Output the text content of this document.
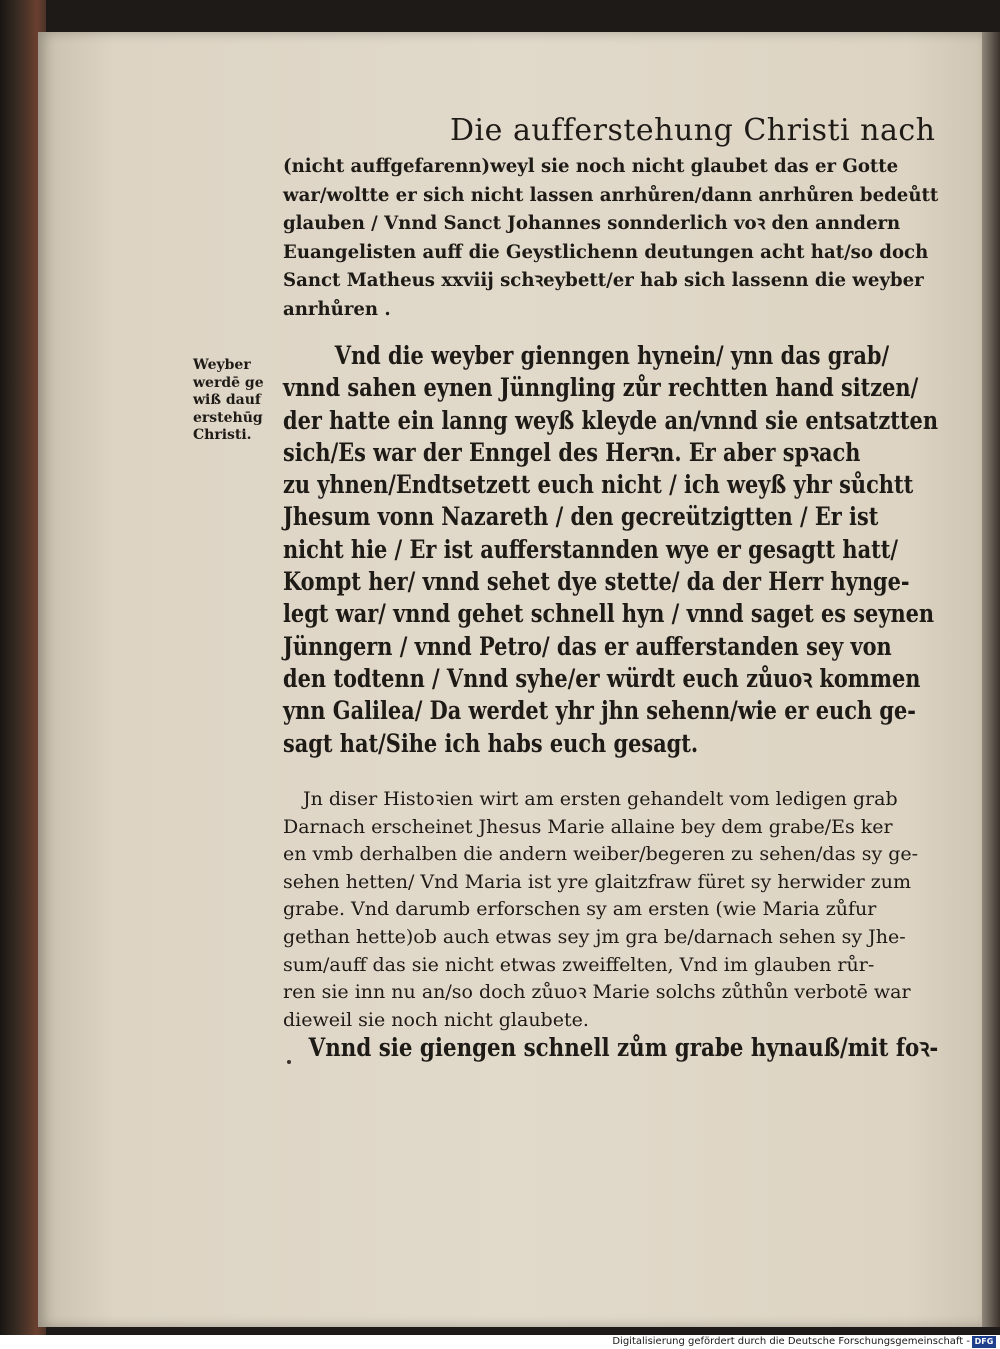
Die aufferstehung Christi nach
(nicht auffgefarenn)weyl sie noch nicht glaubet das er Gotte
war/woltte er sich nicht lassen anrhůren/dann anrhůren bedeůtt
glauben / Vnnd Sanct Johannes sonnderlich voꝛ den anndern
Euangelisten auff die Geystlichenn deutungen acht hat/so doch
Sanct Matheus xxviij schꝛeybett/er hab sich lassenn die weyber
anrhůren .
Weyber
werdē ge
wiß dauf
erstehūg
Christi.
Vnd die weyber gienngen hynein/ ynn das grab/
vnnd sahen eynen Jünngling zůr rechtten hand sitzen/
der hatte ein lanng weyß kleyde an/vnnd sie entsatztten
sich/Es war der Enngel des Herꝛn. Er aber spꝛach
zu yhnen/Endtsetzett euch nicht / ich weyß yhr sůchtt
Jhesum vonn Nazareth / den gecreützigtten / Er ist
nicht hie / Er ist aufferstannden wye er gesagtt hatt/
Kompt her/ vnnd sehet dye stette/ da der Herr hynge-
legt war/ vnnd gehet schnell hyn / vnnd saget es seynen
Jünngern / vnnd Petro/ das er aufferstanden sey von
den todtenn / Vnnd syhe/er würdt euch zůuoꝛ kommen
ynn Galilea/ Da werdet yhr jhn sehenn/wie er euch ge-
sagt hat/Sihe ich habs euch gesagt.
Jn diser Histoꝛien wirt am ersten gehandelt vom ledigen grab
Darnach erscheinet Jhesus Marie allaine bey dem grabe/Es ker
en vmb derhalben die andern weiber/begeren zu sehen/das sy ge-
sehen hetten/ Vnd Maria ist yre glaitzfraw füret sy herwider zum
grabe. Vnd darumb erforschen sy am ersten (wie Maria zůfur
gethan hette)ob auch etwas sey jm gra be/darnach sehen sy Jhe-
sum/auff das sie nicht etwas zweiffelten, Vnd im glauben růr-
ren sie inn nu an/so doch zůuoꝛ Marie solchs zůthůn verbotē war
dieweil sie noch nicht glaubete.
Vnnd sie giengen schnell zům grabe hynauß/mit foꝛ-
Digitalisierung gefördert durch die Deutsche Forschungsgemeinschaft - DFG
